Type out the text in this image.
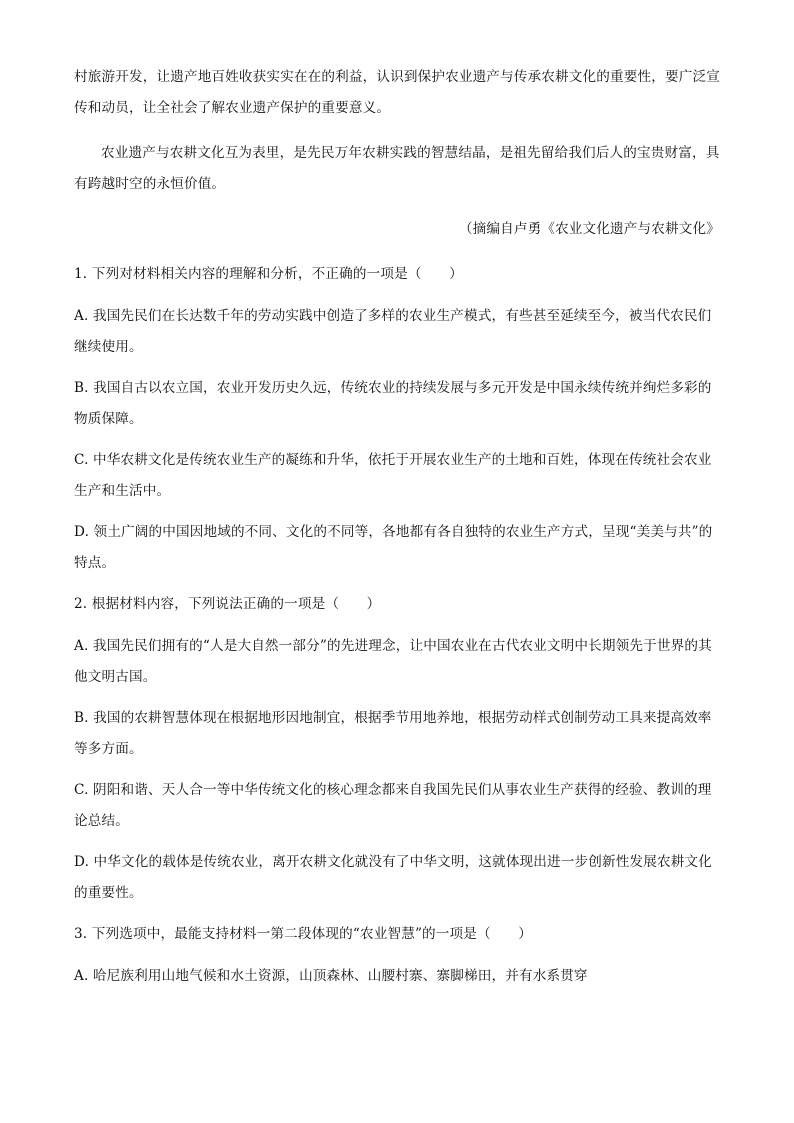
村旅游开发，让遗产地百姓收获实实在在的利益，认识到保护农业遗产与传承农耕文化的重要性，要广泛宣传和动员，让全社会了解农业遗产保护的重要意义。

农业遗产与农耕文化互为表里，是先民万年农耕实践的智慧结晶，是祖先留给我们后人的宝贵财富，具有跨越时空的永恒价值。

（摘编自卢勇《农业文化遗产与农耕文化》

1. 下列对材料相关内容的理解和分析，不正确的一项是（　　）

A. 我国先民们在长达数千年的劳动实践中创造了多样的农业生产模式，有些甚至延续至今，被当代农民们继续使用。

B. 我国自古以农立国，农业开发历史久远，传统农业的持续发展与多元开发是中国永续传统并绚烂多彩的物质保障。

C. 中华农耕文化是传统农业生产的凝练和升华，依托于开展农业生产的土地和百姓，体现在传统社会农业生产和生活中。

D. 领土广阔的中国因地域的不同、文化的不同等，各地都有各自独特的农业生产方式，呈现“美美与共”的特点。

2. 根据材料内容，下列说法正确的一项是（　　）

A. 我国先民们拥有的“人是大自然一部分”的先进理念，让中国农业在古代农业文明中长期领先于世界的其他文明古国。

B. 我国的农耕智慧体现在根据地形因地制宜，根据季节用地养地，根据劳动样式创制劳动工具来提高效率等多方面。

C. 阴阳和谐、天人合一等中华传统文化的核心理念都来自我国先民们从事农业生产获得的经验、教训的理论总结。

D. 中华文化的载体是传统农业，离开农耕文化就没有了中华文明，这就体现出进一步创新性发展农耕文化的重要性。

3. 下列选项中，最能支持材料一第二段体现的“农业智慧”的一项是（　　）

A. 哈尼族利用山地气候和水土资源，山顶森林、山腰村寨、寨脚梯田，并有水系贯穿
